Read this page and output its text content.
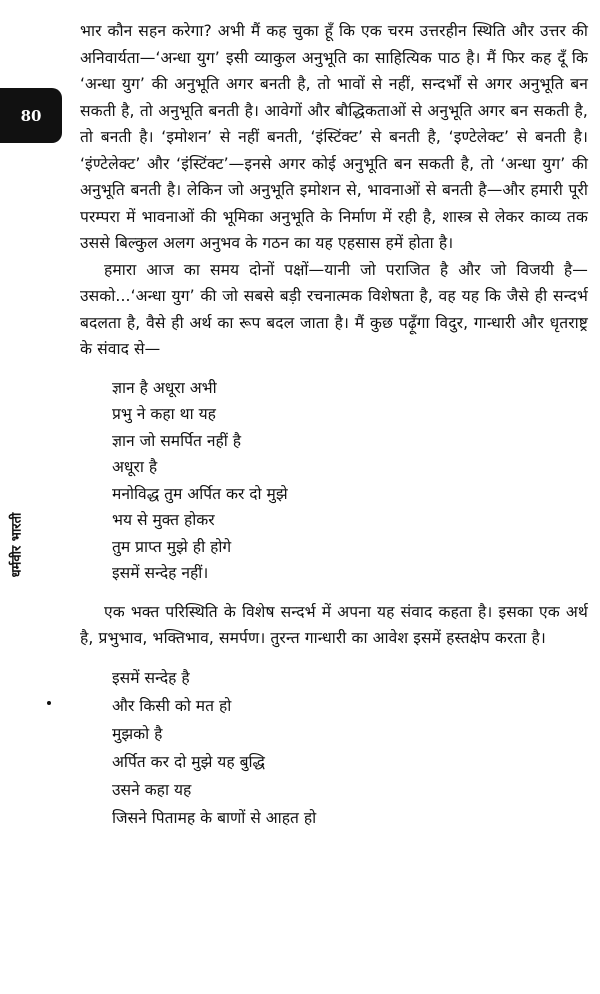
80
धर्मवीर भारती

भार कौन सहन करेगा? अभी मैं कह चुका हूँ कि एक चरम उत्तरहीन स्थिति और उत्तर की अनिवार्यता—‘अन्धा युग’ इसी व्याकुल अनुभूति का साहित्यिक पाठ है। मैं फिर कह दूँ कि ‘अन्धा युग’ की अनुभूति अगर बनती है, तो भावों से नहीं, सन्दर्भों से अगर अनुभूति बन सकती है, तो अनुभूति बनती है। आवेगों और बौद्धिकताओं से अनुभूति अगर बन सकती है, तो बनती है। ‘इमोशन’ से नहीं बनती, ‘इंस्टिंक्ट’ से बनती है, ‘इण्टेलेक्ट’ से बनती है। ‘इंण्टेलेक्ट’ और ‘इंस्टिंक्ट’—इनसे अगर कोई अनुभूति बन सकती है, तो ‘अन्धा युग’ की अनुभूति बनती है। लेकिन जो अनुभूति इमोशन से, भावनाओं से बनती है—और हमारी पूरी परम्परा में भावनाओं की भूमिका अनुभूति के निर्माण में रही है, शास्त्र से लेकर काव्य तक उससे बिल्कुल अलग अनुभव के गठन का यह एहसास हमें होता है।

हमारा आज का समय दोनों पक्षों—यानी जो पराजित है और जो विजयी है—उसको...‘अन्धा युग’ की जो सबसे बड़ी रचनात्मक विशेषता है, वह यह कि जैसे ही सन्दर्भ बदलता है, वैसे ही अर्थ का रूप बदल जाता है। मैं कुछ पढ़ूँगा विदुर, गान्धारी और धृतराष्ट्र के संवाद से—

ज्ञान है अधूरा अभी
प्रभु ने कहा था यह
ज्ञान जो समर्पित नहीं है
अधूरा है
मनोविद्ध तुम अर्पित कर दो मुझे
भय से मुक्त होकर
तुम प्राप्त मुझे ही होगे
इसमें सन्देह नहीं।

एक भक्त परिस्थिति के विशेष सन्दर्भ में अपना यह संवाद कहता है। इसका एक अर्थ है, प्रभुभाव, भक्तिभाव, समर्पण। तुरन्त गान्धारी का आवेश इसमें हस्तक्षेप करता है।

इसमें सन्देह है
और किसी को मत हो
मुझको है
अर्पित कर दो मुझे यह बुद्धि
उसने कहा यह
जिसने पितामह के बाणों से आहत हो
